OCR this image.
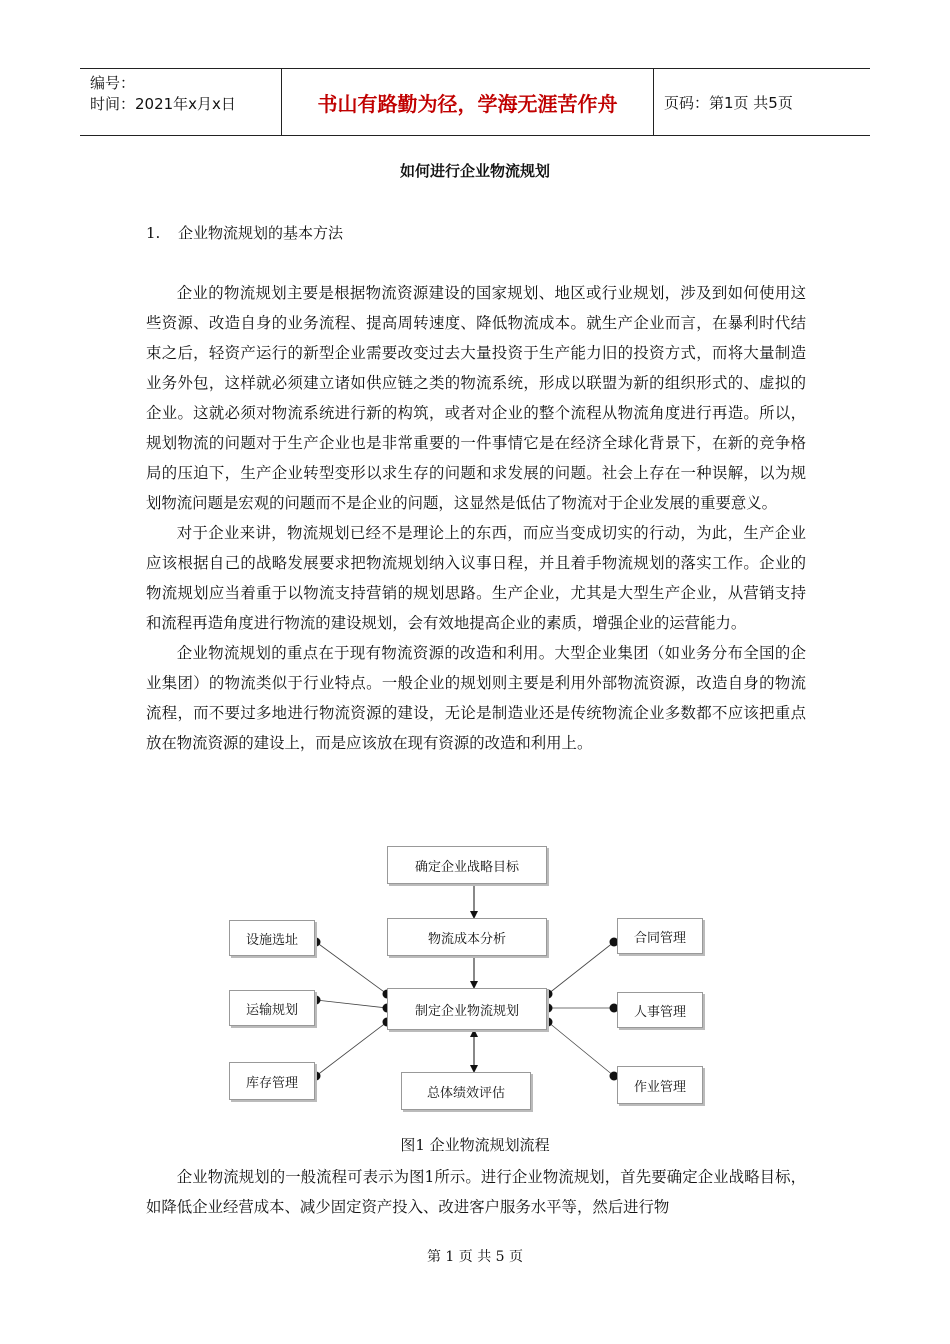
编号：
时间：2021年x月x日	书山有路勤为径，学海无涯苦作舟	页码：第1页 共5页
如何进行企业物流规划
1. 企业物流规划的基本方法

企业的物流规划主要是根据物流资源建设的国家规划、地区或行业规划，涉及到如何使用这些资源、改造自身的业务流程、提高周转速度、降低物流成本。就生产企业而言，在暴利时代结束之后，轻资产运行的新型企业需要改变过去大量投资于生产能力旧的投资方式，而将大量制造业务外包，这样就必须建立诸如供应链之类的物流系统，形成以联盟为新的组织形式的、虚拟的企业。这就必须对物流系统进行新的构筑，或者对企业的整个流程从物流角度进行再造。所以，规划物流的问题对于生产企业也是非常重要的一件事情它是在经济全球化背景下，在新的竞争格局的压迫下，生产企业转型变形以求生存的问题和求发展的问题。社会上存在一种误解，以为规划物流问题是宏观的问题而不是企业的问题，这显然是低估了物流对于企业发展的重要意义。

对于企业来讲，物流规划已经不是理论上的东西，而应当变成切实的行动，为此，生产企业应该根据自己的战略发展要求把物流规划纳入议事日程，并且着手物流规划的落实工作。企业的物流规划应当着重于以物流支持营销的规划思路。生产企业，尤其是大型生产企业，从营销支持和流程再造角度进行物流的建设规划，会有效地提高企业的素质，增强企业的运营能力。

企业物流规划的重点在于现有物流资源的改造和利用。大型企业集团（如业务分布全国的企业集团）的物流类似于行业特点。一般企业的规划则主要是利用外部物流资源，改造自身的物流流程，而不要过多地进行物流资源的建设，无论是制造业还是传统物流企业多数都不应该把重点放在物流资源的建设上，而是应该放在现有资源的改造和利用上。

确定企业战略目标
物流成本分析
制定企业物流规划
总体绩效评估
设施选址
运输规划
库存管理
合同管理
人事管理
作业管理
图1 企业物流规划流程

企业物流规划的一般流程可表示为图1所示。进行企业物流规划，首先要确定企业战略目标，如降低企业经营成本、减少固定资产投入、改进客户服务水平等，然后进行物

第 1 页 共 5 页
